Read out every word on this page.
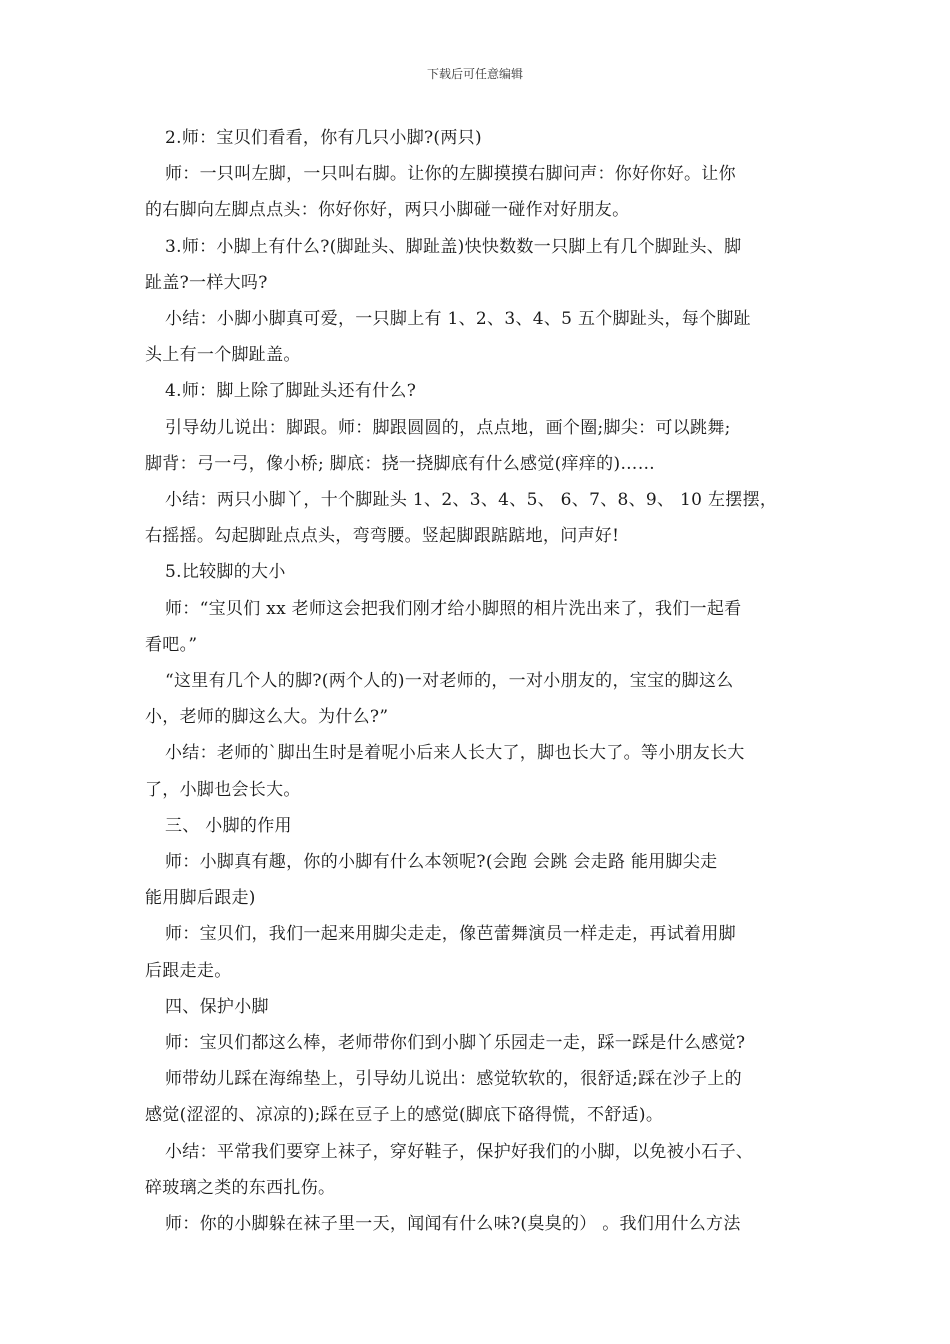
下载后可任意编辑
2.师：宝贝们看看，你有几只小脚?(两只)
师：一只叫左脚，一只叫右脚。让你的左脚摸摸右脚问声：你好你好。让你
的右脚向左脚点点头：你好你好，两只小脚碰一碰作对好朋友。
3.师：小脚上有什么?(脚趾头、脚趾盖)快快数数一只脚上有几个脚趾头、脚
趾盖?一样大吗?
小结：小脚小脚真可爱，一只脚上有 1、2、3、4、5 五个脚趾头，每个脚趾
头上有一个脚趾盖。
4.师：脚上除了脚趾头还有什么?
引导幼儿说出：脚跟。师：脚跟圆圆的，点点地，画个圈;脚尖：可以跳舞;
脚背：弓一弓，像小桥; 脚底：挠一挠脚底有什么感觉(痒痒的)……
小结：两只小脚丫，十个脚趾头 1、2、3、4、5、 6、7、8、9、 10 左摆摆，
右摇摇。勾起脚趾点点头，弯弯腰。竖起脚跟踮踮地，问声好!
5.比较脚的大小
师：“宝贝们 xx 老师这会把我们刚才给小脚照的相片洗出来了，我们一起看
看吧。”
“这里有几个人的脚?(两个人的)一对老师的，一对小朋友的，宝宝的脚这么
小，老师的脚这么大。为什么?”
小结：老师的`脚出生时是着呢小后来人长大了，脚也长大了。等小朋友长大
了，小脚也会长大。
三、 小脚的作用
师：小脚真有趣，你的小脚有什么本领呢?(会跑 会跳 会走路 能用脚尖走
能用脚后跟走)
师：宝贝们，我们一起来用脚尖走走，像芭蕾舞演员一样走走，再试着用脚
后跟走走。
四、保护小脚
师：宝贝们都这么棒，老师带你们到小脚丫乐园走一走，踩一踩是什么感觉?
师带幼儿踩在海绵垫上，引导幼儿说出：感觉软软的，很舒适;踩在沙子上的
感觉(涩涩的、凉凉的);踩在豆子上的感觉(脚底下硌得慌，不舒适)。
小结：平常我们要穿上袜子，穿好鞋子，保护好我们的小脚，以免被小石子、
碎玻璃之类的东西扎伤。
师：你的小脚躲在袜子里一天，闻闻有什么味?(臭臭的） 。我们用什么方法
